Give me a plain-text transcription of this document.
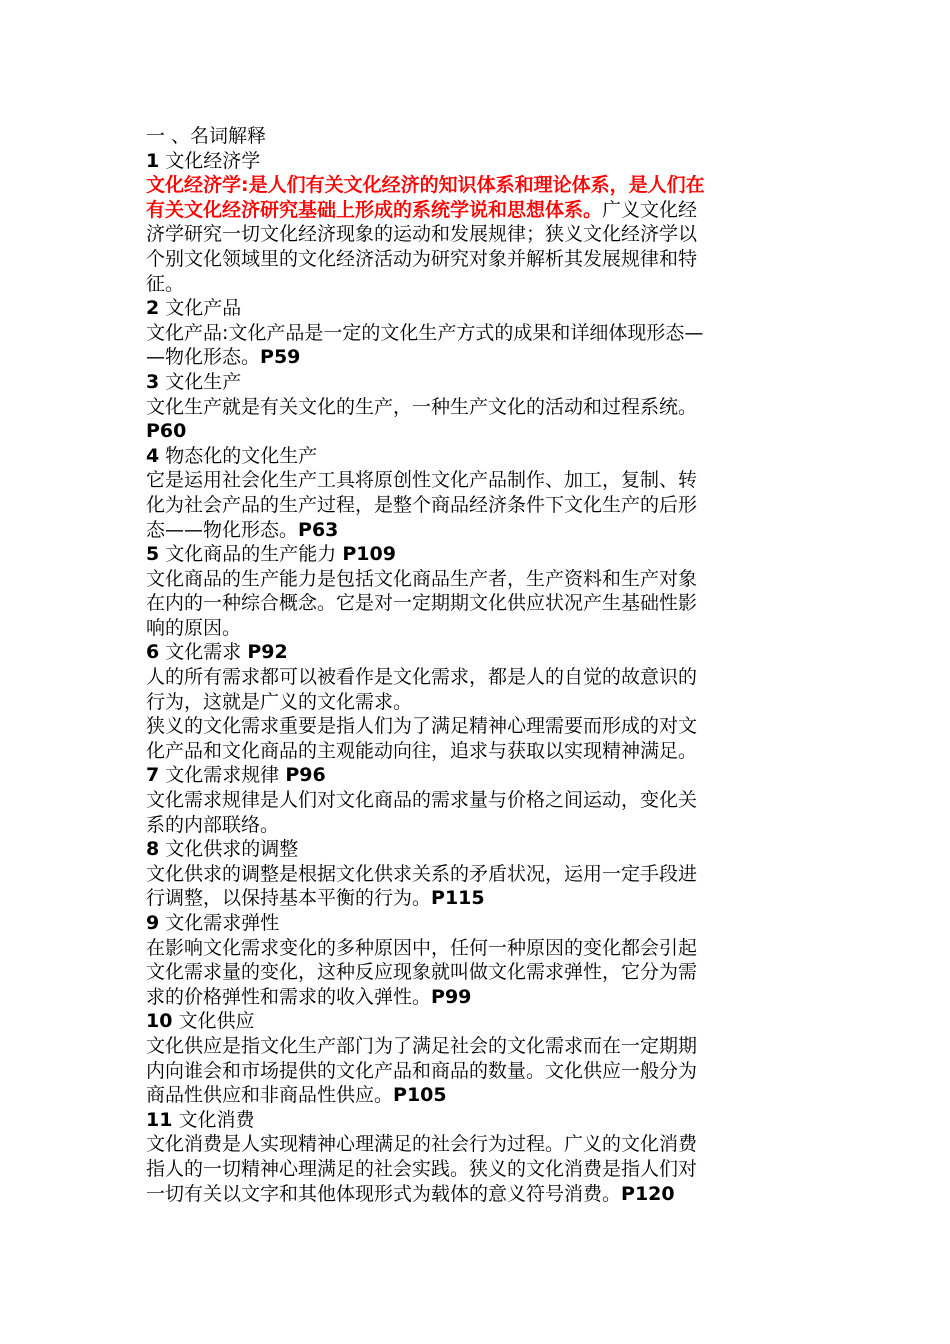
一 、名词解释
1 文化经济学
文化经济学:是人们有关文化经济的知识体系和理论体系，是人们在
有关文化经济研究基础上形成的系统学说和思想体系。广义文化经
济学研究一切文化经济现象的运动和发展规律；狭义文化经济学以
个别文化领域里的文化经济活动为研究对象并解析其发展规律和特
征。
2 文化产品
文化产品:文化产品是一定的文化生产方式的成果和详细体现形态—
—物化形态。P59
3 文化生产
文化生产就是有关文化的生产，一种生产文化的活动和过程系统。
P60
4 物态化的文化生产
它是运用社会化生产工具将原创性文化产品制作、加工，复制、转
化为社会产品的生产过程，是整个商品经济条件下文化生产的后形
态——物化形态。P63
5 文化商品的生产能力 P109
文化商品的生产能力是包括文化商品生产者，生产资料和生产对象
在内的一种综合概念。它是对一定期期文化供应状况产生基础性影
响的原因。
6 文化需求 P92
人的所有需求都可以被看作是文化需求，都是人的自觉的故意识的
行为，这就是广义的文化需求。
狭义的文化需求重要是指人们为了满足精神心理需要而形成的对文
化产品和文化商品的主观能动向往，追求与获取以实现精神满足。
7 文化需求规律 P96
文化需求规律是人们对文化商品的需求量与价格之间运动，变化关
系的内部联络。
8 文化供求的调整
文化供求的调整是根据文化供求关系的矛盾状况，运用一定手段进
行调整，以保持基本平衡的行为。P115
9 文化需求弹性
在影响文化需求变化的多种原因中，任何一种原因的变化都会引起
文化需求量的变化，这种反应现象就叫做文化需求弹性，它分为需
求的价格弹性和需求的收入弹性。P99
10 文化供应
文化供应是指文化生产部门为了满足社会的文化需求而在一定期期
内向谁会和市场提供的文化产品和商品的数量。文化供应一般分为
商品性供应和非商品性供应。P105
11 文化消费
文化消费是人实现精神心理满足的社会行为过程。广义的文化消费
指人的一切精神心理满足的社会实践。狭义的文化消费是指人们对
一切有关以文字和其他体现形式为载体的意义符号消费。P120
